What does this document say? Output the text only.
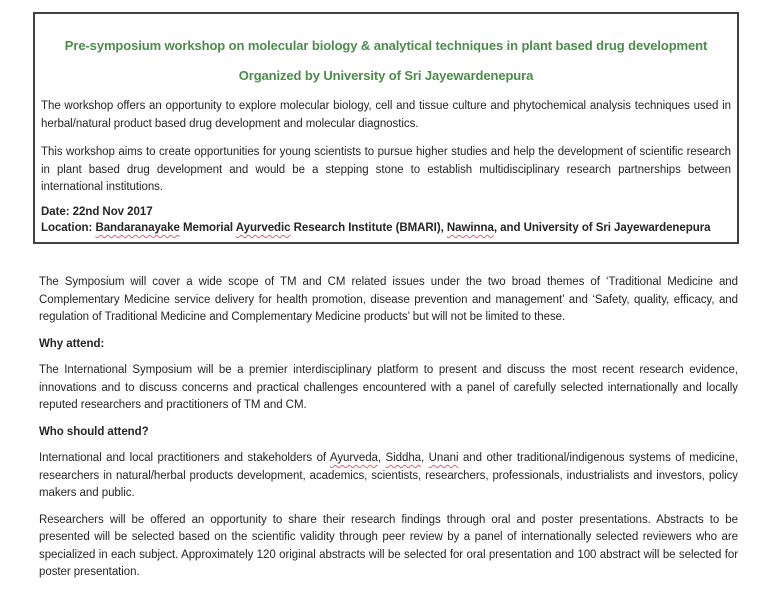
Pre-symposium workshop on molecular biology & analytical techniques in plant based drug development
Organized by University of Sri Jayewardenepura

The workshop offers an opportunity to explore molecular biology, cell and tissue culture and phytochemical analysis techniques used in herbal/natural product based drug development and molecular diagnostics.

This workshop aims to create opportunities for young scientists to pursue higher studies and help the development of scientific research in plant based drug development and would be a stepping stone to establish multidisciplinary research partnerships between international institutions.

Date: 22nd Nov 2017
Location: Bandaranayake Memorial Ayurvedic Research Institute (BMARI), Nawinna, and University of Sri Jayewardenepura

The Symposium will cover a wide scope of TM and CM related issues under the two broad themes of ‘Traditional Medicine and Complementary Medicine service delivery for health promotion, disease prevention and management’ and ‘Safety, quality, efficacy, and regulation of Traditional Medicine and Complementary Medicine products’ but will not be limited to these.

Why attend:

The International Symposium will be a premier interdisciplinary platform to present and discuss the most recent research evidence, innovations and to discuss concerns and practical challenges encountered with a panel of carefully selected internationally and locally reputed researchers and practitioners of TM and CM.

Who should attend?

International and local practitioners and stakeholders of Ayurveda, Siddha, Unani and other traditional/indigenous systems of medicine, researchers in natural/herbal products development, academics, scientists, researchers, professionals, industrialists and investors, policy makers and public.

Researchers will be offered an opportunity to share their research findings through oral and poster presentations. Abstracts to be presented will be selected based on the scientific validity through peer review by a panel of internationally selected reviewers who are specialized in each subject. Approximately 120 original abstracts will be selected for oral presentation and 100 abstract will be selected for poster presentation.
